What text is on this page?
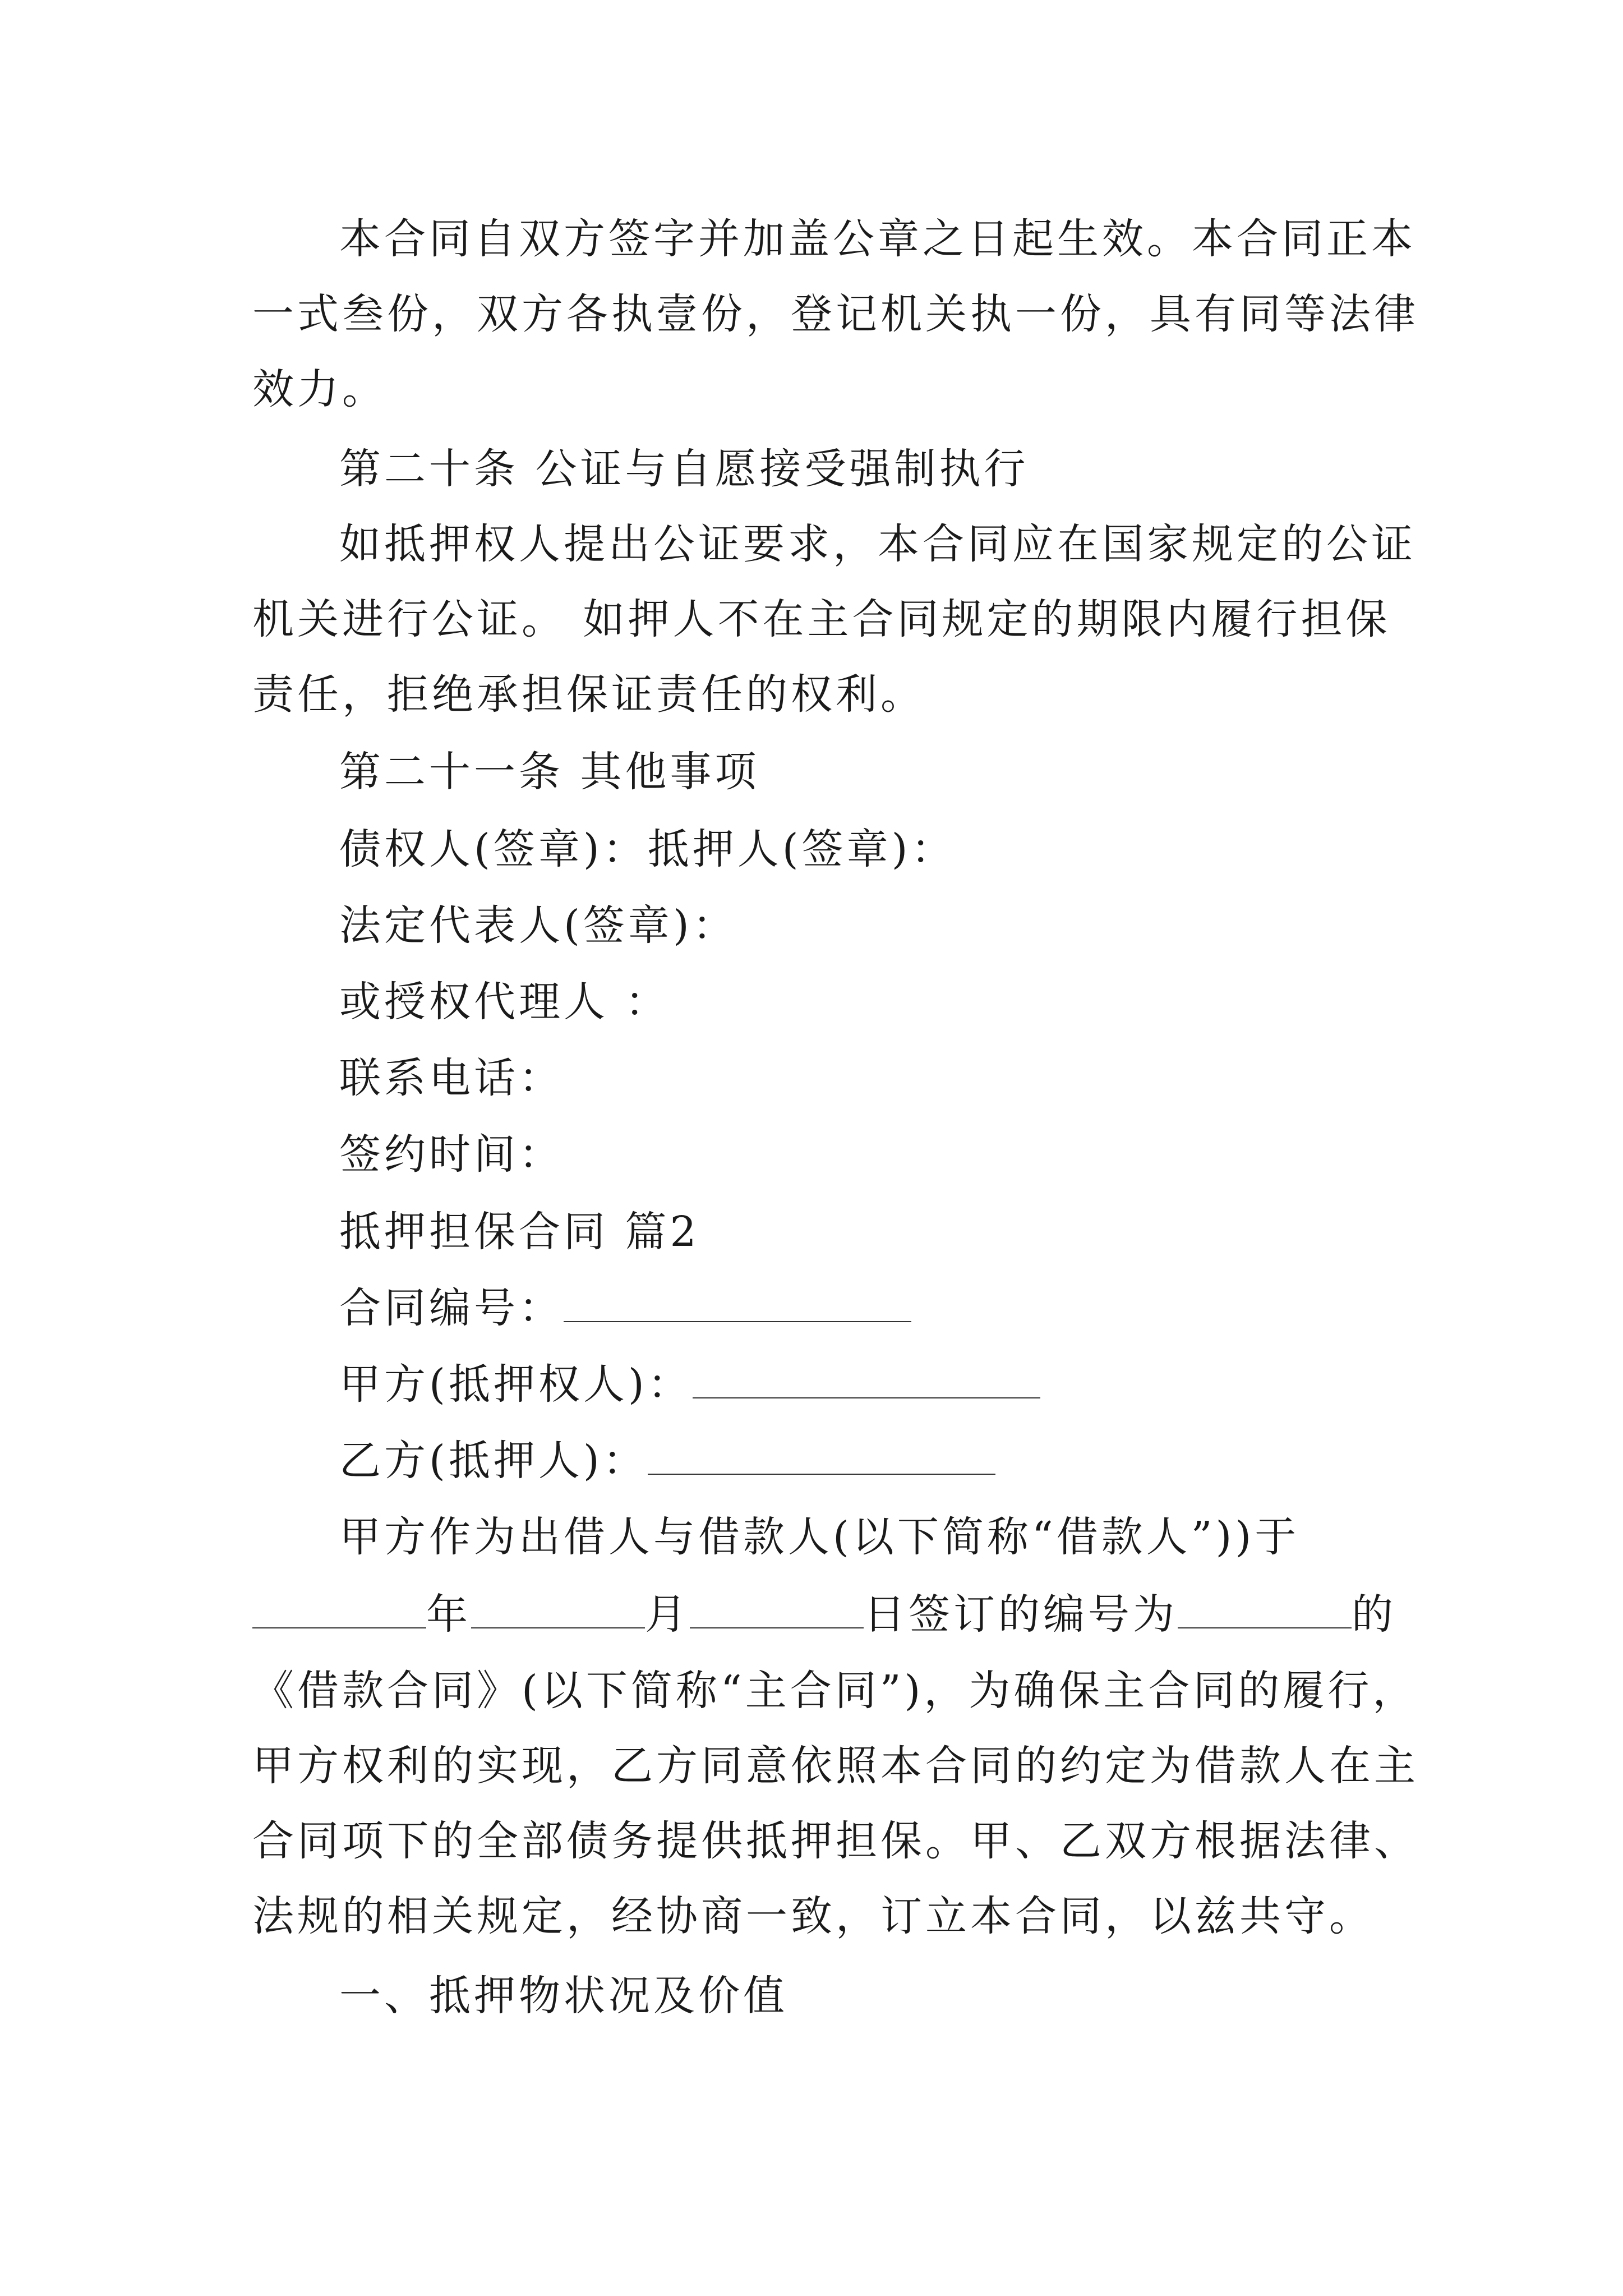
本合同自双方签字并加盖公章之日起生效。本合同正本
一式叁份，双方各执壹份，登记机关执一份，具有同等法律
效力。
第二十条 公证与自愿接受强制执行
如抵押权人提出公证要求，本合同应在国家规定的公证
机关进行公证。 如押人不在主合同规定的期限内履行担保
责任，拒绝承担保证责任的权利。
第二十一条 其他事项
债权人(签章)：抵押人(签章)：
法定代表人(签章)：
或授权代理人 ：
联系电话：
签约时间：
抵押担保合同 篇2
合同编号：
甲方(抵押权人)：
乙方(抵押人)：
甲方作为出借人与借款人(以下简称“借款人”))于
年	月	日签订的编号为	的
《借款合同》(以下简称“主合同”)，为确保主合同的履行，
甲方权利的实现，乙方同意依照本合同的约定为借款人在主
合同项下的全部债务提供抵押担保。甲、乙双方根据法律、
法规的相关规定，经协商一致，订立本合同，以兹共守。
一、抵押物状况及价值
